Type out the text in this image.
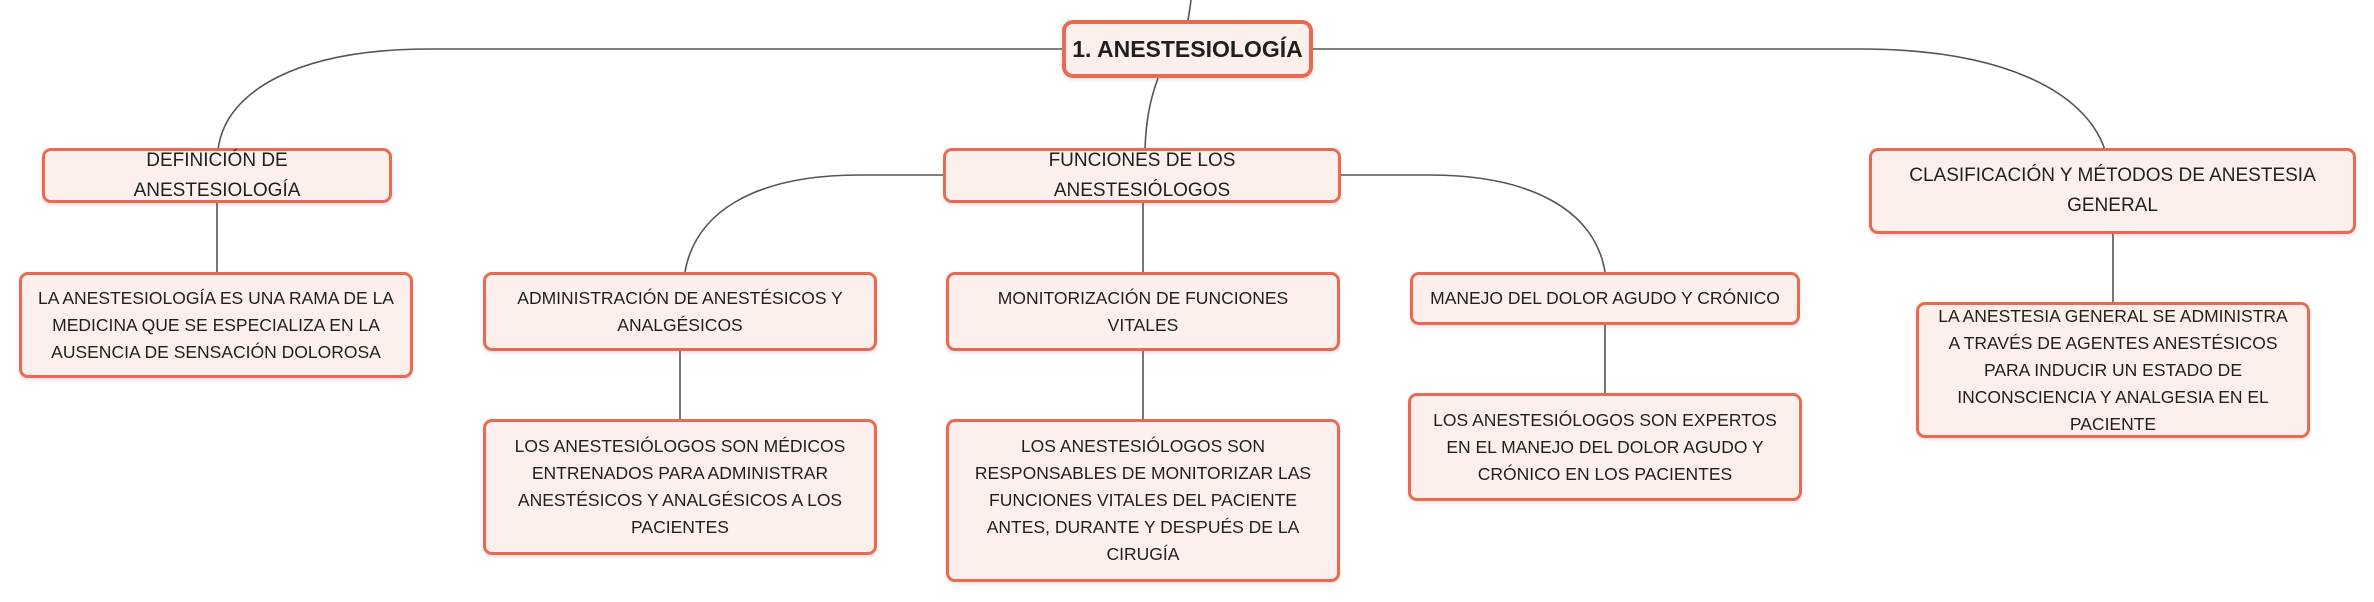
1. ANESTESIOLOGÍA
DEFINICIÓN DE ANESTESIOLOGÍA
LA ANESTESIOLOGÍA ES UNA RAMA DE LA MEDICINA QUE SE ESPECIALIZA EN LA AUSENCIA DE SENSACIÓN DOLOROSA
FUNCIONES DE LOS ANESTESIÓLOGOS
ADMINISTRACIÓN DE ANESTÉSICOS Y ANALGÉSICOS
LOS ANESTESIÓLOGOS SON MÉDICOS ENTRENADOS PARA ADMINISTRAR ANESTÉSICOS Y ANALGÉSICOS A LOS PACIENTES
MONITORIZACIÓN DE FUNCIONES VITALES
LOS ANESTESIÓLOGOS SON RESPONSABLES DE MONITORIZAR LAS FUNCIONES VITALES DEL PACIENTE ANTES, DURANTE Y DESPUÉS DE LA CIRUGÍA
MANEJO DEL DOLOR AGUDO Y CRÓNICO
LOS ANESTESIÓLOGOS SON EXPERTOS EN EL MANEJO DEL DOLOR AGUDO Y CRÓNICO EN LOS PACIENTES
CLASIFICACIÓN Y MÉTODOS DE ANESTESIA GENERAL
LA ANESTESIA GENERAL SE ADMINISTRA A TRAVÉS DE AGENTES ANESTÉSICOS PARA INDUCIR UN ESTADO DE INCONSCIENCIA Y ANALGESIA EN EL PACIENTE
